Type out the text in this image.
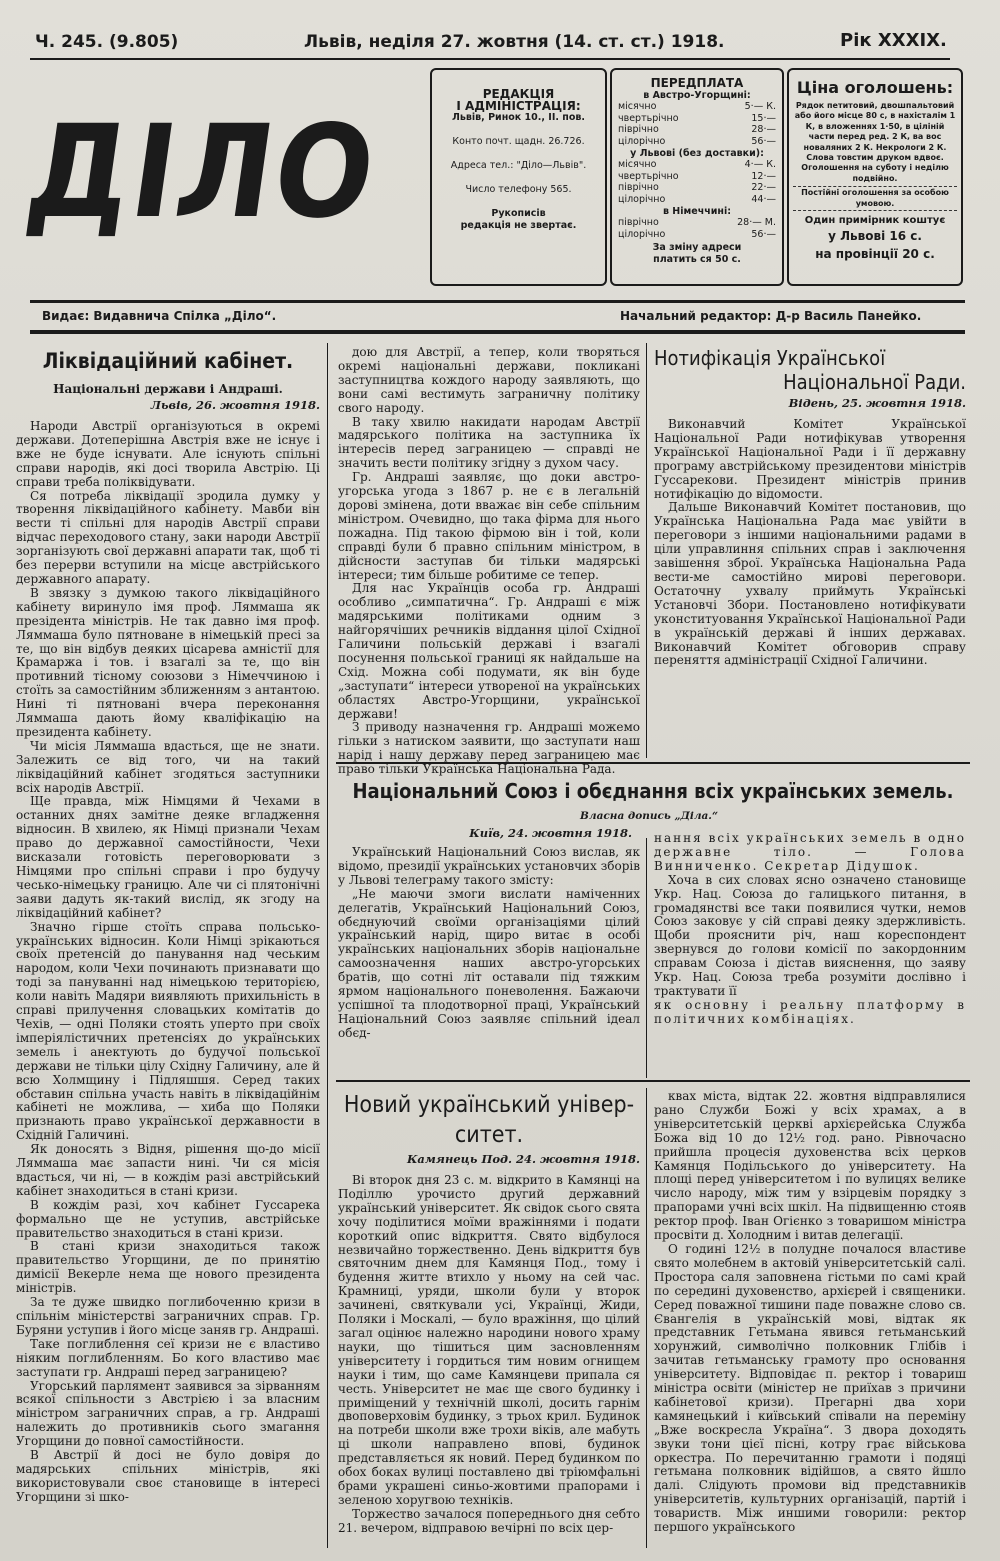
Ч. 245. (9.805)	Львів, неділя 27. жовтня (14. ст. ст.) 1918.	Рік XXXIX.
ДІЛО
РЕДАКЦІЯ
І АДМІНІСТРАЦІЯ:
Львів, Ринок 10., II. пов.
Конто почт. щадн. 26.726.
Адреса тел.: "Діло—Львів".
Число телефону 565.
Рукописів
редакція не звертає.
ПЕРЕДПЛАТА
в Австро-Угорщині:
місячно	5·— К.
чвертьрічно	15·—
піврічно	28·—
цілорічно	56·—
у Львові (без доставки):
місячно	4·— К.
чвертьрічно	12·—
піврічно	22·—
цілорічно	44·—
в Німеччині:
піврічно	28·— М.
цілорічно	56·—
За зміну адреси
платить ся 50 с.
Ціна оголошень:
Рядок петитовий, двошпальтовий або його місце 80 с, в нахісталім 1 К, в вложеннях 1·50, в ціліній части перед ред. 2 К, ва вос новаляних 2 К. Некрологи 2 К. Слова товстим друком вдвоє. Оголошення на суботу і неділю подвійно.
Постійні оголошення за особою умовою.
Один примірник коштує
у Львові 16 с.
на провінції 20 с.
Видає: Видавнича Спілка „Діло“.	Начальний редактор: Д-р Василь Панейко.
Ліквідаційний кабінет.
Національні держави і Андраші.
Львів, 26. жовтня 1918.

Народи Австрії організуються в окремі держави. Дотеперішна Австрія вже не існує і вже не буде існувати. Але існують спільні справи народів, які досі творила Австрію. Ці справи треба поліквідувати.

Ся потреба ліквідації зродила думку у творення ліквідаційного кабінету. Мавби він вести ті спільні для народів Австрії справи відчас переходового стану, заки народи Австрії зорганізують свої державні апарати так, щоб ті без перерви вступили на місце австрійського державного апарату.

В звязку з думкою такого ліквідаційного кабінету виринуло імя проф. Ляммаша як презідента міністрів. Не так давно імя проф. Ляммаша було пятноване в німецькій пресі за те, що він відбув деяких цісарева амністії для Крамаржа і тов. і взагалі за те, що він противний тісному союзови з Німеччиною і стоїть за самостійним зближенням з антантою. Нині ті пятновані вчера переконання Ляммаша дають йому кваліфікацію на президента кабінету.

Чи місія Ляммаша вдасться, ще не знати. Залежить се від того, чи на такий ліквідаційний кабінет згодяться заступники всіх народів Австрії.

Ще правда, між Німцями й Чехами в останних днях замітне деяке вгладження відносин. В хвилею, як Німці признали Чехам право до державної самостійности, Чехи висказали готовість переговорювати з Німцями про спільні справи і про будучу чесько-німецьку границю. Але чи сі плятонічні заяви дадуть як-такий вислід, як згоду на ліквідаційний кабінет?

Значно гірше стоїть справа польсько-українських відносин. Коли Німці зрікаються своїх претенсій до панування над чеським народом, коли Чехи починають признавати що тоді за пануванні над німецькою територією, коли навіть Мадяри виявляють прихильність в справі прилучення словацьких комітатів до Чехів, — одні Поляки стоять уперто при своїх імперіялістичних претенсіях до українських земель і анектують до будучої польської держави не тільки цілу Східну Галичину, але й всю Холмщину і Підляшшя. Серед таких обставин спільна участь навіть в ліквідаційнім кабінеті не можлива, — хиба що Поляки признають право української державности в Східній Галичині.

Як доносять з Відня, рішення що-до місії Ляммаша має запасти нині. Чи ся місія вдасться, чи ні, — в кождім разі австрійський кабінет знаходиться в стані кризи.

В кождім разі, хоч кабінет Гуссарека формально ще не уступив, австрійське правительство знаходиться в стані кризи.

В стані кризи знаходиться також правительство Угорщини, де по принятію димісії Векерле нема ще нового президента міністрів.

За те дуже швидко поглибоченню кризи в спільнім міністерстві заграничних справ. Гр. Буряни уступив і його місце заняв гр. Андраші.

Таке поглиблення сеї кризи не є властиво ніяким поглибленням. Бо кого властиво має заступати гр. Андраші перед заграницею?

Угорський парлямент заявився за зірванням всякої спільности з Австрією і за власним міністром заграничних справ, а гр. Андраші належить до противників сього змагання Угорщини до повної самостійности.

В Австрії й досі не було довіря до мадярських спільних міністрів, які використовували своє становище в інтересі Угорщини зі шко-

дою для Австрії, а тепер, коли творяться окремі національні держави, покликані заступництва кождого народу заявляють, що вони самі вестимуть заграничну політику свого народу.

В таку хвилю накидати народам Австрії мадярського політика на заступника їх інтересів перед заграницею — справді не значить вести політику згідну з духом часу.

Гр. Андраші заявляє, що доки австро-угорська угода з 1867 р. не є в легальній дорові змінена, доти вважає він себе спільним міністром. Очевидно, що така фірма для нього пожадна. Під такою фірмою він і той, коли справді були б правно спільним міністром, в дійсности заступав би тільки мадярські інтереси; тим більше робитиме се тепер.

Для нас Українців особа гр. Андраші особливо „симпатична“. Гр. Андраші є між мадярськими політиками одним з найгорячіших речників віддання цілої Східної Галичини польській державі і взагалі посунення польської границі як найдальше на Схід. Можна собі подумати, як він буде „заступати“ інтереси утвореної на українських областях Австро-Угорщини, української держави!

З приводу назначення гр. Андраші можемо гільки з натиском заявити, що заступати наш нарід і нашу державу перед заграницею має право тільки Українська Національна Рада.

Нотифікація Української
Національної Ради.
Відень, 25. жовтня 1918.

Виконавчий Комітет Української Національної Ради нотифікував утворення Української Національної Ради і її державну програму австрійському президентови міністрів Гуссарекови. Президент міністрів принив нотифікацію до відомости.

Дальше Виконавчий Комітет постановив, що Українська Національна Рада має увійти в переговори з іншими національними радами в ціли управлиння спільних справ і заключення завішення зброї. Українська Національна Рада вести-ме самостійно мирові переговори. Остаточну ухвалу приймуть Українські Установчі Збори. Постановлено нотифікувати уконституовання Української Національної Ради в українській державі й інших державах. Виконавчий Комітет обговорив справу переняття адміністрації Східної Галичини.

Національний Союз і обєднання всіх українських земель.
Власна допись „Діла.“
Київ, 24. жовтня 1918.

Український Національний Союз вислав, як відомо, президії українських установчих зборів у Львові телеграму такого змісту:

„Не маючи змоги вислати наміченних делегатів, Український Національний Союз, обєднуючий своїми організаціями цілий український нарід, щиро витає в особі українських національних зборів національне самоозначення наших австро-угорських братів, що сотні літ оставали під тяжким ярмом національного поневолення. Бажаючи успішної та плодотворної праці, Український Національний Союз заявляє спільний ідеал обєд-

нання всіх українських земель в одно державне тіло. — Голова Винниченко. Секретар Дідушок.

Хоча в сих словах ясно означено становище Укр. Нац. Союза до галицького питання, в громадянстві все таки появилися чутки, немов Союз заковує у сій справі деяку здержливість. Щоби прояснити річ, наш кореспондент звернувся до голови комісії по закордонним справам Союза і дістав вияснення, що заяву Укр. Нац. Союза треба розуміти дослівно і трактувати її

як основну і реальну платформу в політичних комбінаціях.

Новий український універ-
ситет.
Камянець Под. 24. жовтня 1918.

Ві второк дня 23 с. м. відкрито в Камянці на Поділлю урочисто другий державний український університет. Як свідок сього свята хочу поділитися моїми вражіннями і подати короткий опис відкриття. Свято відбулося незвичайно торжественно. День відкриття був святочним днем для Камянця Под., тому і будення житте втихло у ньому на сей час. Крамниці, уряди, школи були у второк зачинені, святкували усі, Українці, Жиди, Поляки і Москалі, — було вражіння, що цілий загал оцінює належно народини нового храму науки, що тішиться цим засновленням університету і гордиться тим новим огнищем науки і тим, що саме Камянцеви припала ся честь. Університет не має ще свого будинку і приміщений у технічній школі, досить гарнім двоповерховім будинку, з трьох крил. Будинок на потреби школи вже трохи віків, але мабуть ці школи направлено впові, будинок представляється як новий. Перед будинком по обох боках вулиці поставлено дві тріюмфальні брами украшені синьо-жовтими прапорами і зеленою хоругвою техніків.

Торжество зачалося попереднього дня себто 21. вечером, відправою вечірні по всіх цер-

квах міста, відтак 22. жовтня відправлялися рано Служби Божі у всіх храмах, а в університетській церкві архієрейська Служба Божа від 10 до 12½ год. рано. Рівночасно прийшла процесія духовенства всіх церков Камянця Подільського до університету. На площі перед університетом і по вулицях велике число народу, між тим у взірцевім порядку з прапорами учні всіх шкіл. На підвищенню стояв ректор проф. Іван Огієнко з товаришом міністра просвіти д. Холодним і витав делегації.

О годині 12½ в полудне почалося властиве свято молебнем в актовій університетській салі. Простора саля заповнена гістьми по самі край по середині духовенство, архієрей і священики. Серед поважної тишини паде поважне слово св. Євангелія в українській мові, відтак як представник Гетьмана явився гетьманський хорунжий, символічно полковник Глібів і зачитав гетьманську грамоту про основання університету. Відповідає п. ректор і товариш міністра освіти (міністер не приїхав з причини кабінетової кризи). Прегарні два хори камянецький і київський співали на переміну „Вже воскресла Україна“. З двора доходять звуки тони цієї пісні, котру грає військова оркестра. По перечитанню грамоти і подяці гетьмана полковник відійшов, а свято йшло далі. Слідують промови від представників університетів, культурних організацій, партій і товариств. Між иншими говорили: ректор першого українського
